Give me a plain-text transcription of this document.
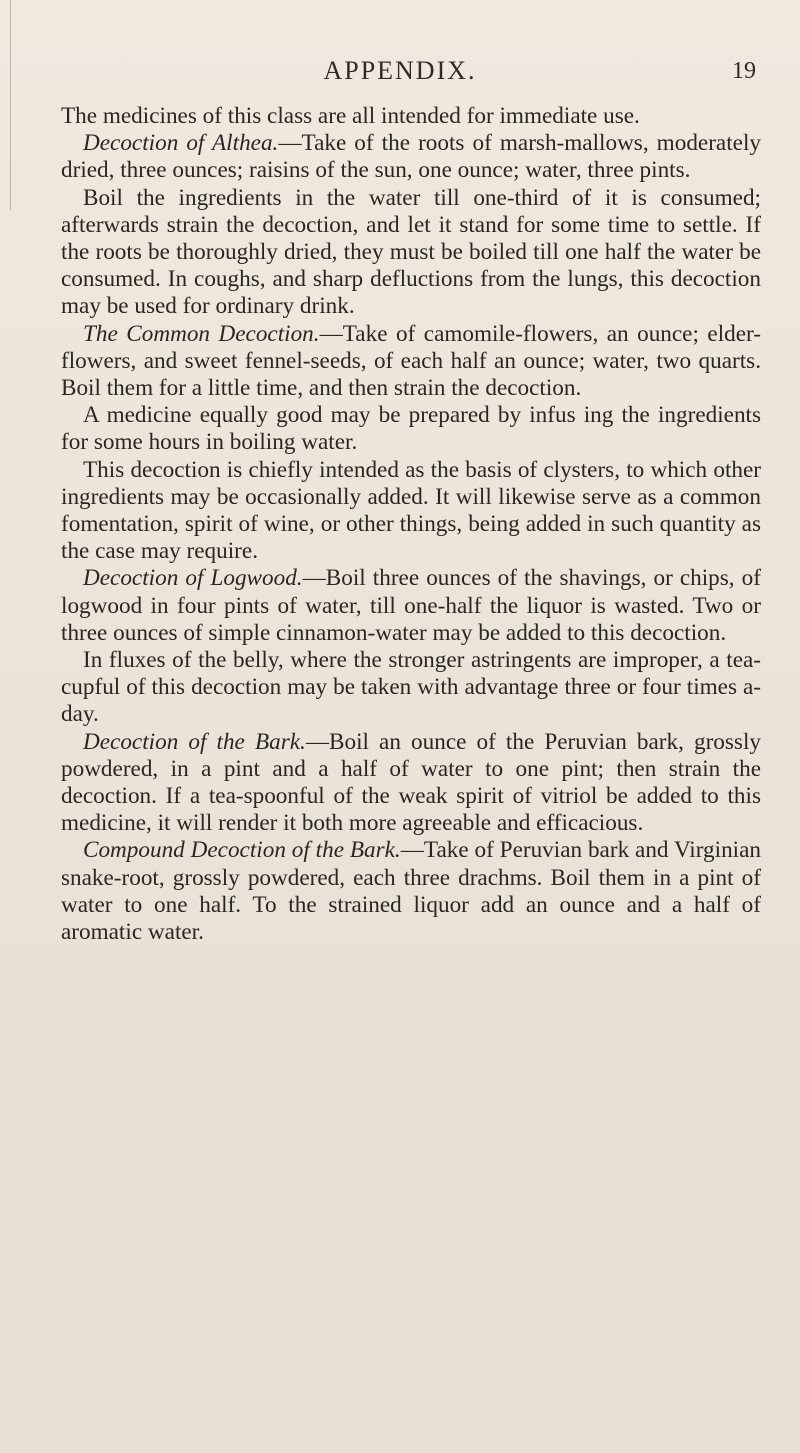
APPENDIX.	19

The medicines of this class are all intended for immediate use.

Decoction of Althea.—Take of the roots of marsh-mallows, moderately dried, three ounces; raisins of the sun, one ounce; water, three pints.

Boil the ingredients in the water till one-third of it is consumed; afterwards strain the decoction, and let it stand for some time to settle. If the roots be thoroughly dried, they must be boiled till one half the water be consumed. In coughs, and sharp defluctions from the lungs, this decoction may be used for ordinary drink.

The Common Decoction.—Take of camomile-flowers, an ounce; elder-flowers, and sweet fennel-seeds, of each half an ounce; water, two quarts. Boil them for a little time, and then strain the decoction.

A medicine equally good may be prepared by infus ing the ingredients for some hours in boiling water.

This decoction is chiefly intended as the basis of clysters, to which other ingredients may be occasionally added. It will likewise serve as a common fomentation, spirit of wine, or other things, being added in such quantity as the case may require.

Decoction of Logwood.—Boil three ounces of the shavings, or chips, of logwood in four pints of water, till one-half the liquor is wasted. Two or three ounces of simple cinnamon-water may be added to this decoction.

In fluxes of the belly, where the stronger astringents are improper, a tea-cupful of this decoction may be taken with advantage three or four times a-day.

Decoction of the Bark.—Boil an ounce of the Peruvian bark, grossly powdered, in a pint and a half of water to one pint; then strain the decoction. If a tea-spoonful of the weak spirit of vitriol be added to this medicine, it will render it both more agreeable and efficacious.

Compound Decoction of the Bark.—Take of Peruvian bark and Virginian snake-root, grossly powdered, each three drachms. Boil them in a pint of water to one half. To the strained liquor add an ounce and a half of aromatic water.
